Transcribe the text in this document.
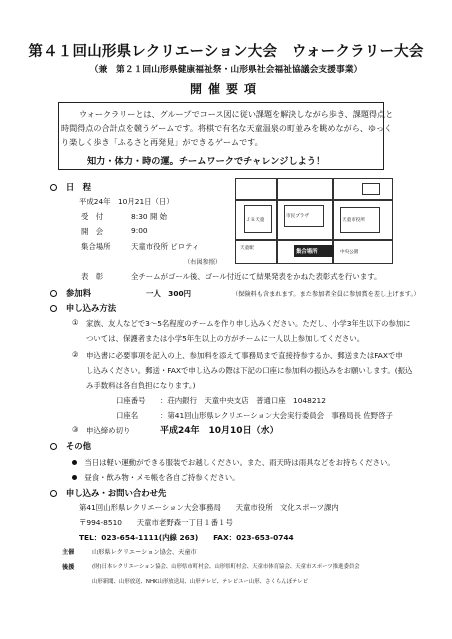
第４１回山形県レクリエーション大会　ウォークラリー大会
（兼　第２１回山形県健康福祉祭・山形県社会福祉協議会支援事業）
開催要項
ウォークラリーとは、グループでコース図に従い課題を解決しながら歩き、課題得点と
時間得点の合計点を競うゲームです。将棋で有名な天童温泉の町並みを眺めながら、ゆっく
り楽しく歩き「ふるさと再発見」ができるゲームです。
知力・体力・時の運。チームワークでチャレンジしよう！
日　程
平成24年　10月21日（日）
受　付	8:30 開 始
開　会	9:00
集合場所	天童市役所 ピロティ
（右図参照）
集合場所
天童市役所
ＪＲ天童
市民プラザ
天童駅
中央公園
表　彰	全チームがゴール後、ゴール付近にて結果発表をかねた表彰式を行います。
参加料	一人　300円	（保険料も含まれます。また参加者全員に参加賞を差し上げます。）
申し込み方法
① 家族、友人などで3～5名程度のチームを作り申し込みください。ただし、小学3年生以下の参加に
ついては、保護者または小学5年生以上の方がチームに一人以上参加してください。
② 申込書に必要事項を記入の上、参加料を添えて事務局まで直接持参するか、郵送またはFAXで申
し込みください。郵送・FAXで申し込みの際は下記の口座に参加料の振込みをお願いします。(振込
み手数料は各自負担になります。)
口座番号 ：荘内銀行　天童中央支店　普通口座　1048212
口座名	：第41回山形県レクリエーション大会実行委員会　事務局長 佐野啓子
③ 申込締め切り	平成24年　10月10日（水）
その他
当日は軽い運動ができる服装でお越しください。また、雨天時は雨具などをお持ちください。
昼食・飲み物・メモ帳を各自ご持参ください。
申し込み・お問い合わせ先
第41回山形県レクリエーション大会事務局　　天童市役所　文化スポーツ課内
〒994-8510　　天童市老野森一丁目１番１号
TEL：023-654-1111(内線 263)　　FAX：023-653-0744
主催	山形県レクリエーション協会、天童市
後援	(財)日本レクリエーション協会、山形県市町村会、山形県町村会、天童市体育協会、天童市スポーツ推進委員会
山形新聞、山形放送、NHK山形放送局、山形テレビ、テレビユー山形、さくらんぼテレビ
